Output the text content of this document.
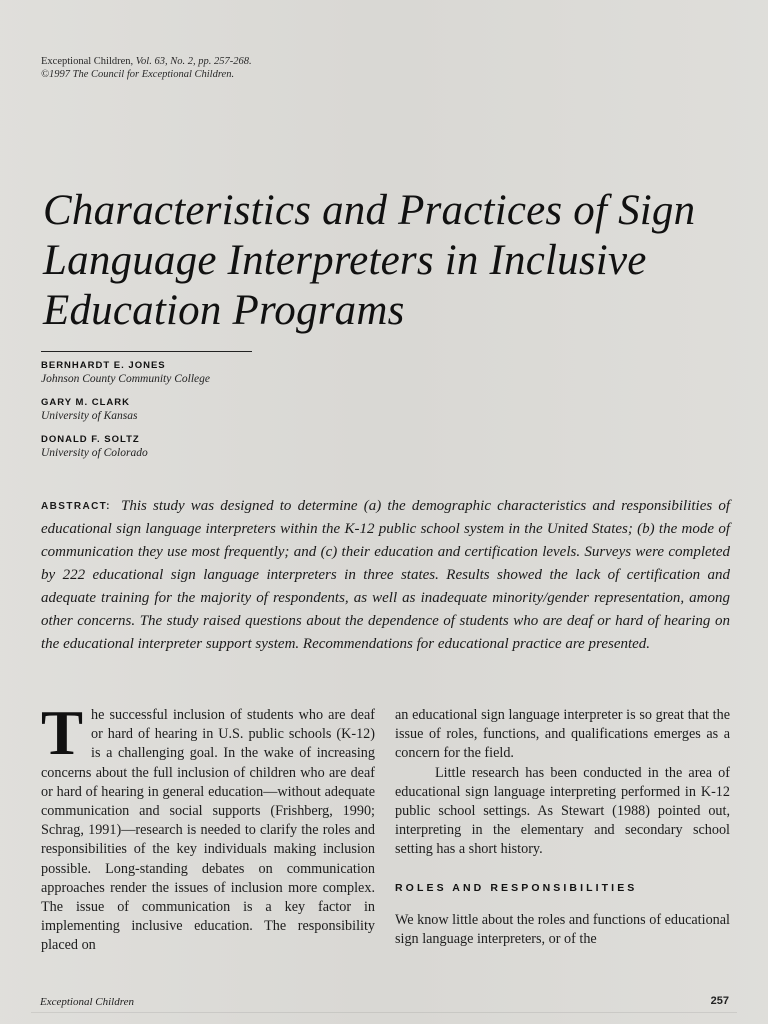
Exceptional Children, Vol. 63, No. 2, pp. 257-268.
©1997 The Council for Exceptional Children.
Characteristics and Practices of Sign Language Interpreters in Inclusive Education Programs
BERNHARDT E. JONES
Johnson County Community College
GARY M. CLARK
University of Kansas
DONALD F. SOLTZ
University of Colorado
ABSTRACT: This study was designed to determine (a) the demographic characteristics and responsibilities of educational sign language interpreters within the K-12 public school system in the United States; (b) the mode of communication they use most frequently; and (c) their education and certification levels. Surveys were completed by 222 educational sign language interpreters in three states. Results showed the lack of certification and adequate training for the majority of respondents, as well as inadequate minority/gender representation, among other concerns. The study raised questions about the dependence of students who are deaf or hard of hearing on the educational interpreter support system. Recommendations for educational practice are presented.
T he successful inclusion of students who are deaf or hard of hearing in U.S. public schools (K-12) is a challenging goal. In the wake of increasing concerns about the full inclusion of children who are deaf or hard of hearing in general education—without adequate communication and social supports (Frishberg, 1990; Schrag, 1991)—research is needed to clarify the roles and responsibilities of the key individuals making inclusion possible. Long-standing debates on communication approaches render the issues of inclusion more complex. The issue of communication is a key factor in implementing inclusive education. The responsibility placed on

an educational sign language interpreter is so great that the issue of roles, functions, and qualifications emerges as a concern for the field.

Little research has been conducted in the area of educational sign language interpreting performed in K-12 public school settings. As Stewart (1988) pointed out, interpreting in the elementary and secondary school setting has a short history.

ROLES AND RESPONSIBILITIES

We know little about the roles and functions of educational sign language interpreters, or of the

Exceptional Children	257
